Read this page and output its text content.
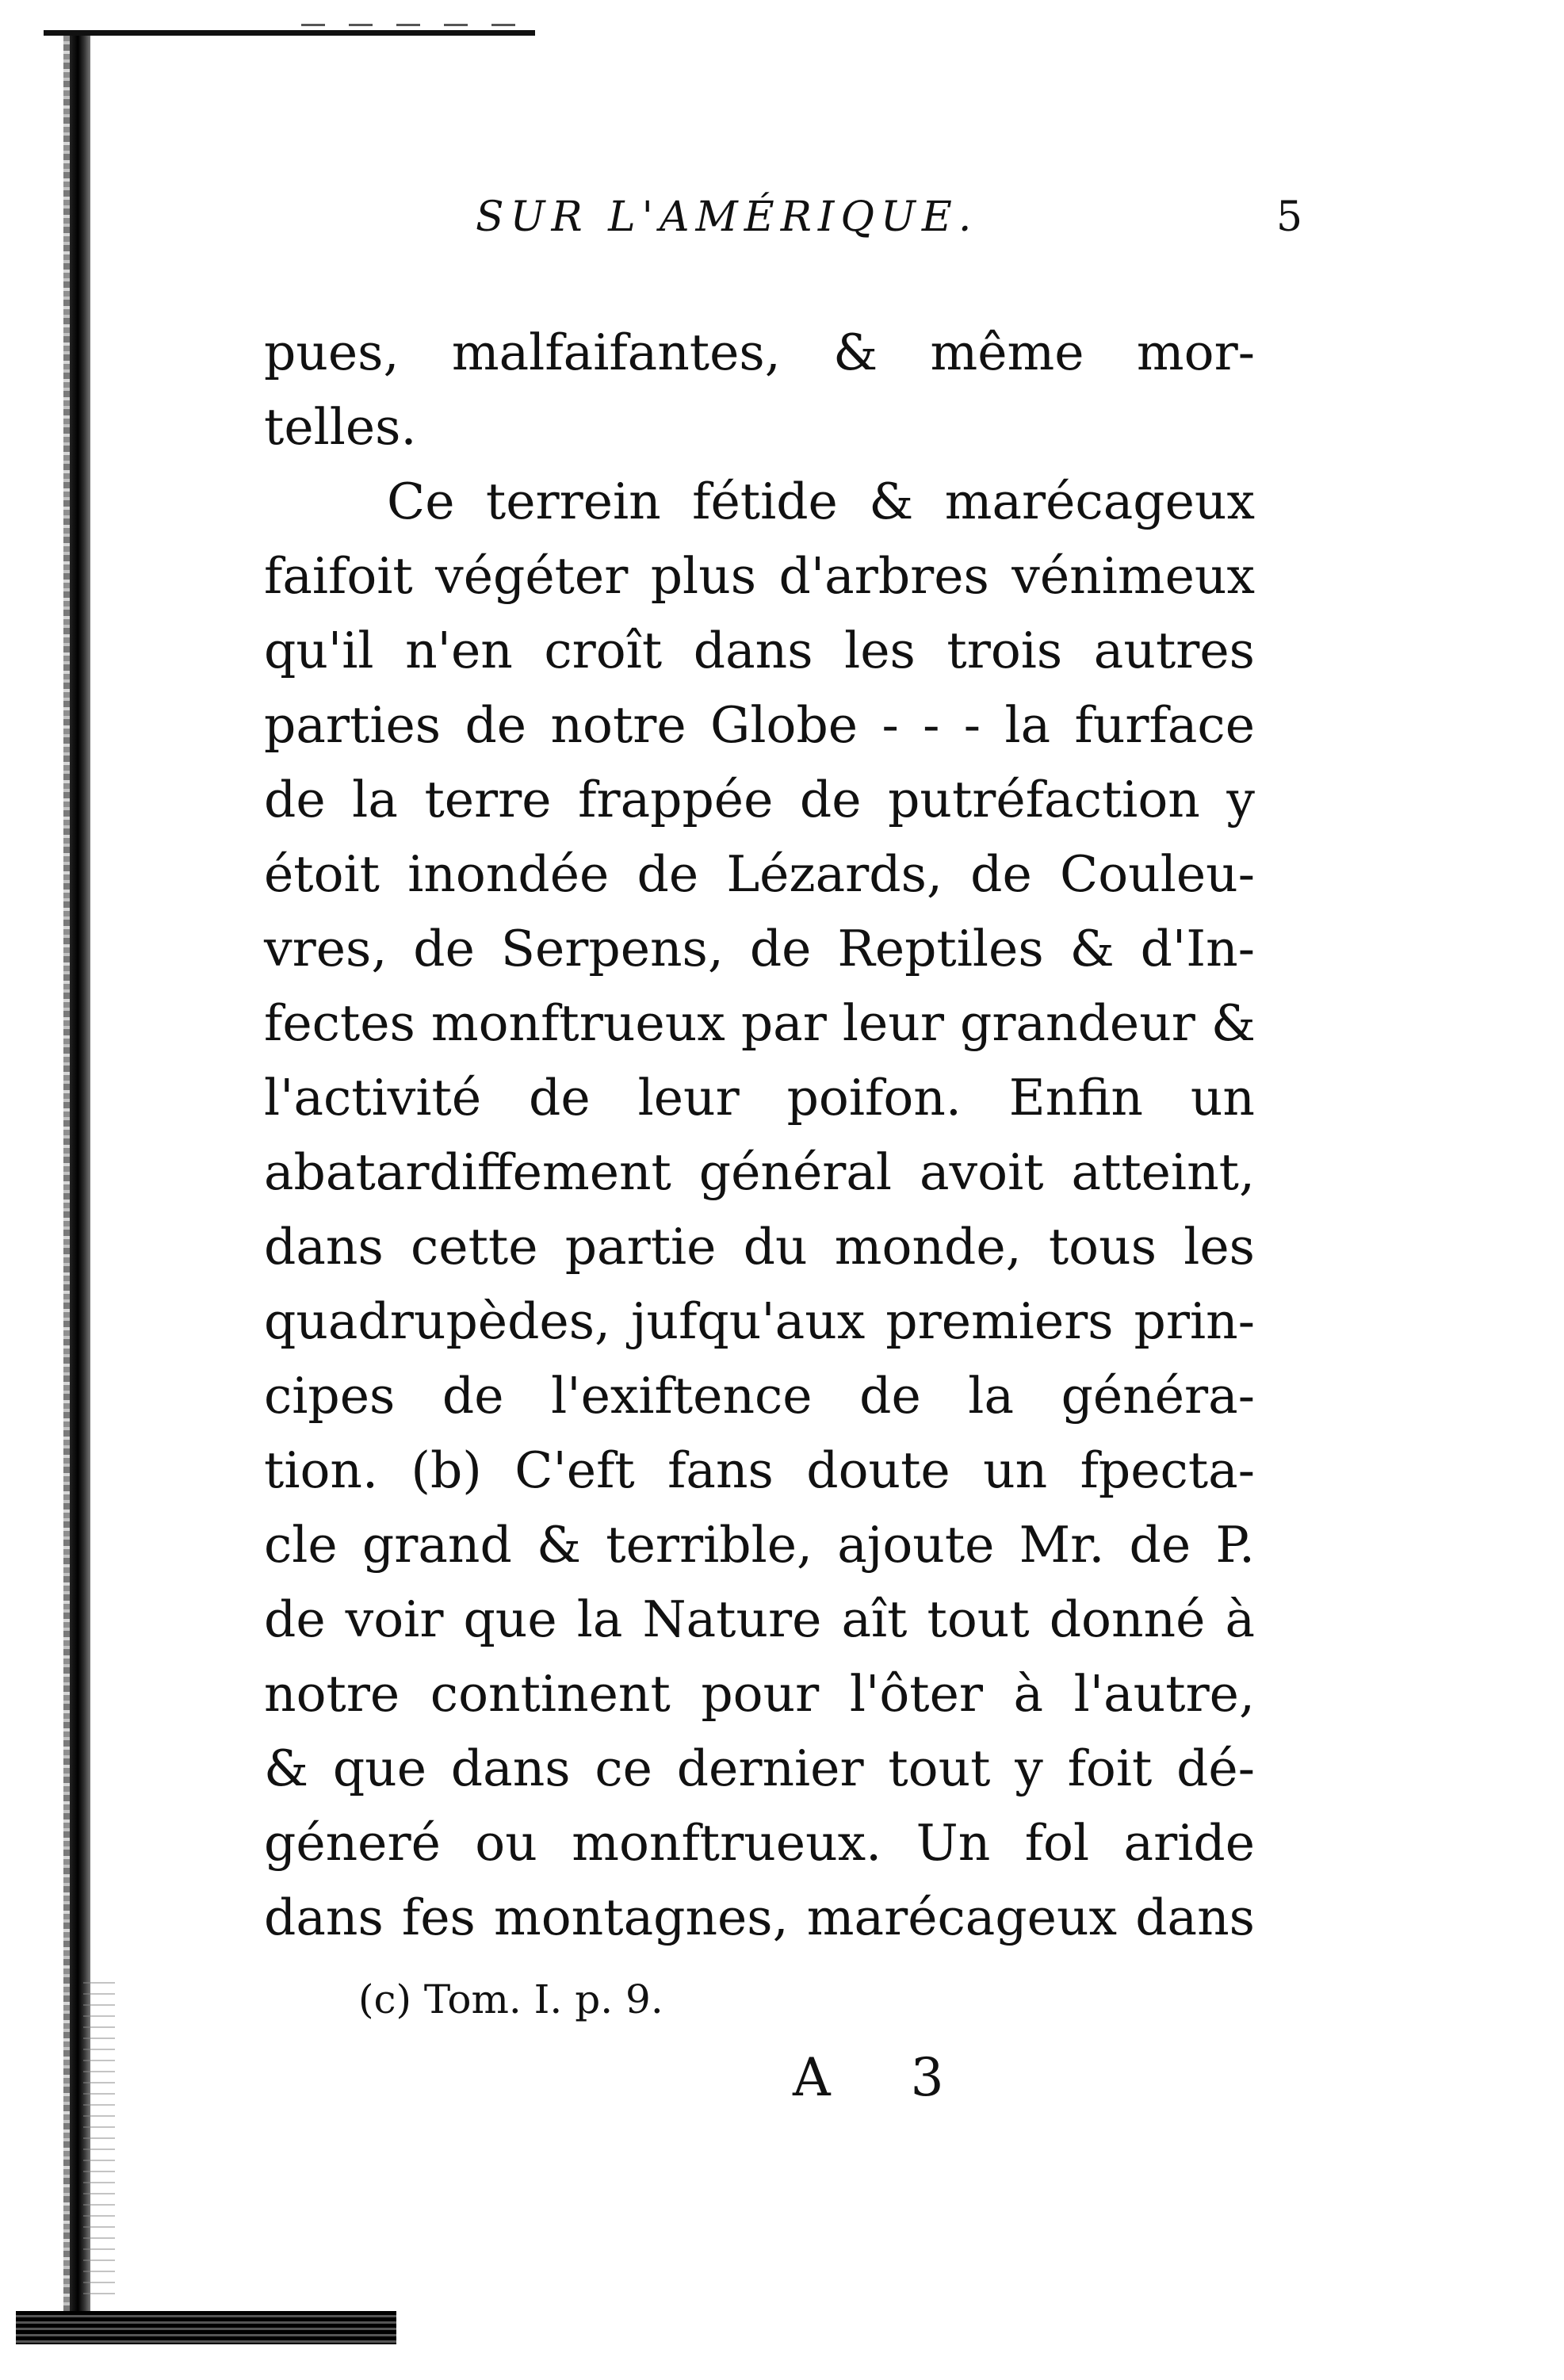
SUR L'AMÉRIQUE.	5
pues, malfaifantes, & même mor-
telles.
Ce terrein fétide & marécageux
faifoit végéter plus d'arbres vénimeux
qu'il n'en croît dans les trois autres
parties de notre Globe - - - la furface
de la terre frappée de putréfaction y
étoit inondée de Lézards, de Couleu-
vres, de Serpens, de Reptiles & d'In-
fectes monftrueux par leur grandeur &
l'activité de leur poifon. Enfin un
abatardiffement général avoit atteint,
dans cette partie du monde, tous les
quadrupèdes, jufqu'aux premiers prin-
cipes de l'exiftence de la généra-
tion. (b) C'eft fans doute un fpecta-
cle grand & terrible, ajoute Mr. de P.
de voir que la Nature aît tout donné à
notre continent pour l'ôter à l'autre,
& que dans ce dernier tout y foit dé-
géneré ou monftrueux. Un fol aride
dans fes montagnes, marécageux dans
(c) Tom. I. p. 9.
A 3
